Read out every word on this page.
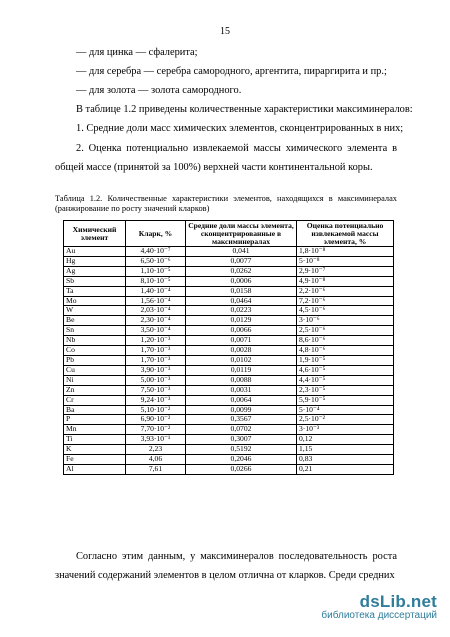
15
— для цинка — сфалерита;
— для серебра — серебра самородного, аргентита, пираргирита и пр.;
— для золота — золота самородного.
В таблице 1.2 приведены количественные характеристики максиминералов:
1. Средние доли масс химических элементов, сконцентрированных в них;
2. Оценка потенциально извлекаемой массы химического элемента в общей массе (принятой за 100%) верхней части континентальной коры.
Таблица 1.2. Количественные характеристики элементов, находящихся в максиминералах (ранжирование по росту значений кларков)
Химический элемент	Кларк, %	Средние доли массы элемента, сконцентрированные в максиминералах	Оценка потенциально извлекаемой массы элемента, %
Au	4,40·10⁻⁷	0,041	1,8·10⁻⁸
Hg	6,50·10⁻⁶	0,0077	5·10⁻⁸
Ag	1,10·10⁻⁵	0,0262	2,9·10⁻⁷
Sb	8,10·10⁻⁵	0,0006	4,9·10⁻⁸
Ta	1,40·10⁻⁴	0,0158	2,2·10⁻⁶
Mo	1,56·10⁻⁴	0,0464	7,2·10⁻⁶
W	2,03·10⁻⁴	0,0223	4,5·10⁻⁶
Be	2,30·10⁻⁴	0,0129	3·10⁻⁶
Sn	3,50·10⁻⁴	0,0066	2,5·10⁻⁶
Nb	1,20·10⁻³	0,0071	8,6·10⁻⁶
Co	1,70·10⁻³	0,0028	4,8·10⁻⁶
Pb	1,70·10⁻³	0,0102	1,9·10⁻⁵
Cu	3,90·10⁻³	0,0119	4,6·10⁻⁵
Ni	5,00·10⁻³	0,0088	4,4·10⁻⁵
Zn	7,50·10⁻³	0,0031	2,3·10⁻⁵
Cr	9,24·10⁻³	0,0064	5,9·10⁻⁵
Ba	5,10·10⁻²	0,0099	5·10⁻⁴
P	6,90·10⁻²	0,3567	2,5·10⁻²
Mn	7,70·10⁻²	0,0702	3·10⁻³
Ti	3,93·10⁻¹	0,3007	0,12
K	2,23	0,5192	1,15
Fe	4,06	0,2046	0,83
Al	7,61	0,0266	0,21
Согласно этим данным, у максиминералов последовательность роста значений содержаний элементов в целом отлична от кларков. Среди средних
dsLib.net
библиотека диссертаций
